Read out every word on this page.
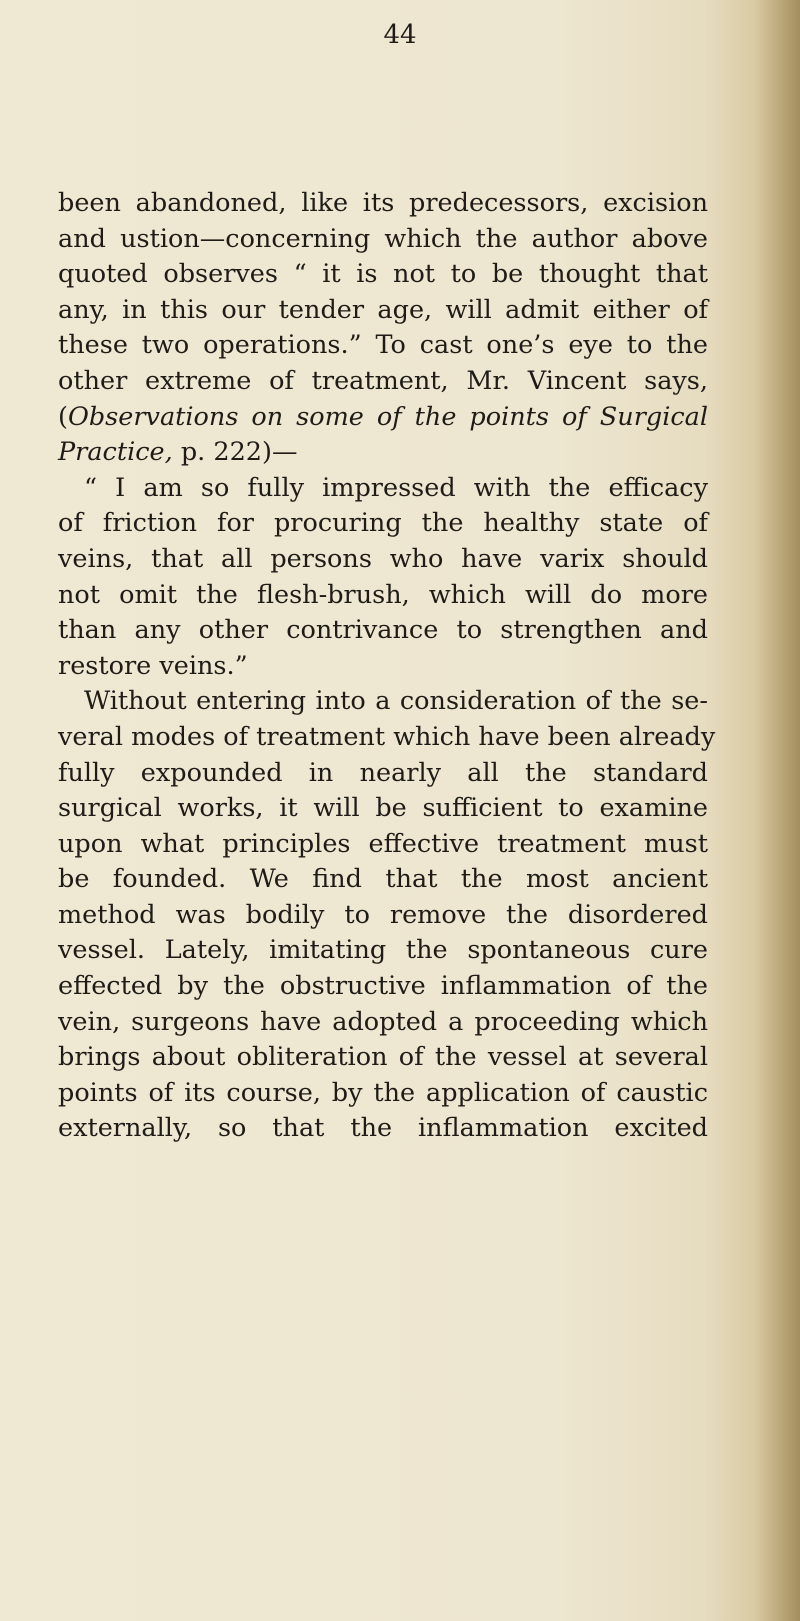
44
been abandoned, like its predecessors, excision
and ustion—concerning which the author above
quoted observes “ it is not to be thought that
any, in this our tender age, will admit either of
these two operations.” To cast one’s eye to the
other extreme of treatment, Mr. Vincent says,
(Observations on some of the points of Surgical
Practice, p. 222)—
“ I am so fully impressed with the efficacy
of friction for procuring the healthy state of
veins, that all persons who have varix should
not omit the flesh-brush, which will do more
than any other contrivance to strengthen and
restore veins.”
Without entering into a consideration of the se-
veral modes of treatment which have been already
fully expounded in nearly all the standard
surgical works, it will be sufficient to examine
upon what principles effective treatment must
be founded. We find that the most ancient
method was bodily to remove the disordered
vessel. Lately, imitating the spontaneous cure
effected by the obstructive inflammation of the
vein, surgeons have adopted a proceeding which
brings about obliteration of the vessel at several
points of its course, by the application of caustic
externally, so that the inflammation excited
